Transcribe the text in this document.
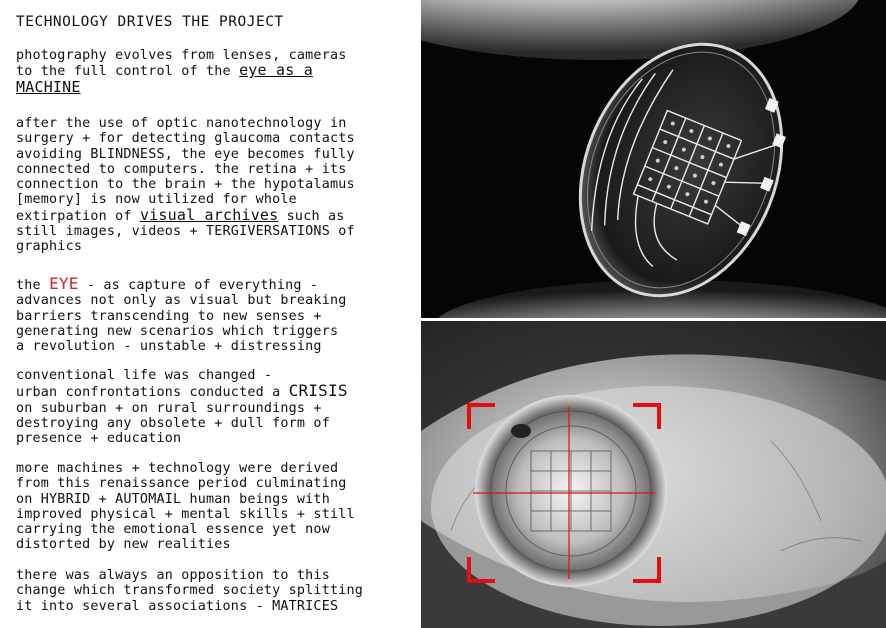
TECHNOLOGY DRIVES THE PROJECT

photography evolves from lenses, cameras
to the full control of the eye as a
MACHINE

after the use of optic nanotechnology in
surgery + for detecting glaucoma contacts
avoiding BLINDNESS, the eye becomes fully
connected to computers. the retina + its
connection to the brain + the hypotalamus
[memory] is now utilized for whole
extirpation of visual archives such as
still images, videos + TERGIVERSATIONS of
graphics

the EYE - as capture of everything -
advances not only as visual but breaking
barriers transcending to new senses +
generating new scenarios which triggers
a revolution - unstable + distressing

conventional life was changed -
urban confrontations conducted a CRISIS
on suburban + on rural surroundings +
destroying any obsolete + dull form of
presence + education

more machines + technology were derived
from this renaissance period culminating
on HYBRID + AUTOMAIL human beings with
improved physical + mental skills + still
carrying the emotional essence yet now
distorted by new realities

there was always an opposition to this
change which transformed society splitting
it into several associations - MATRICES
